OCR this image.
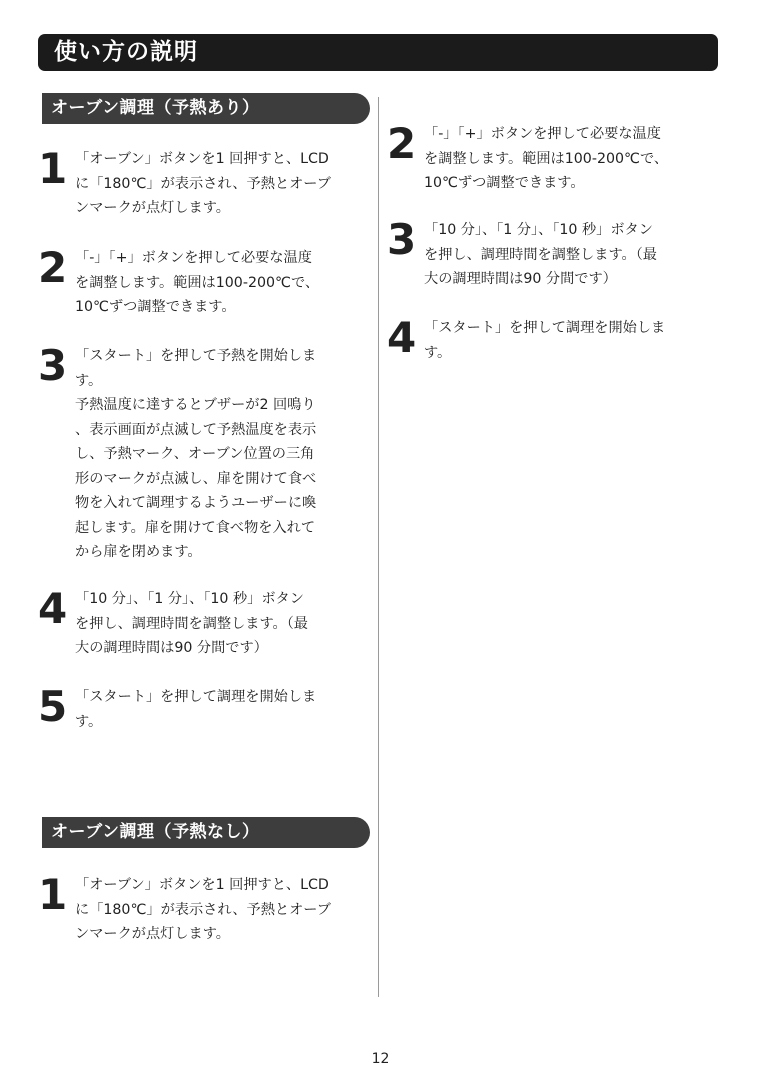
使い方の説明
オーブン調理（予熱あり）
1 「オーブン」ボタンを1 回押すと、LCD
に「180℃」が表示され、予熱とオーブ
ンマークが点灯します。
2 「-」「+」ボタンを押して必要な温度
を調整します。範囲は100-200℃で、
10℃ずつ調整できます。
3 「スタート」を押して予熱を開始しま
す。
予熱温度に達するとブザーが2 回鳴り
、表示画面が点滅して予熱温度を表示
し、予熱マーク、オーブン位置の三角
形のマークが点滅し、扉を開けて食べ
物を入れて調理するようユーザーに喚
起します。扉を開けて食べ物を入れて
から扉を閉めます。
4 「10 分」、「1 分」、「10 秒」ボタン
を押し、調理時間を調整します。（最
大の調理時間は90 分間です）
5 「スタート」を押して調理を開始しま
す。
オーブン調理（予熱なし）
1 「オーブン」ボタンを1 回押すと、LCD
に「180℃」が表示され、予熱とオーブ
ンマークが点灯します。
2 「-」「+」ボタンを押して必要な温度
を調整します。範囲は100-200℃で、
10℃ずつ調整できます。
3 「10 分」、「1 分」、「10 秒」ボタン
を押し、調理時間を調整します。（最
大の調理時間は90 分間です）
4 「スタート」を押して調理を開始しま
す。
12
